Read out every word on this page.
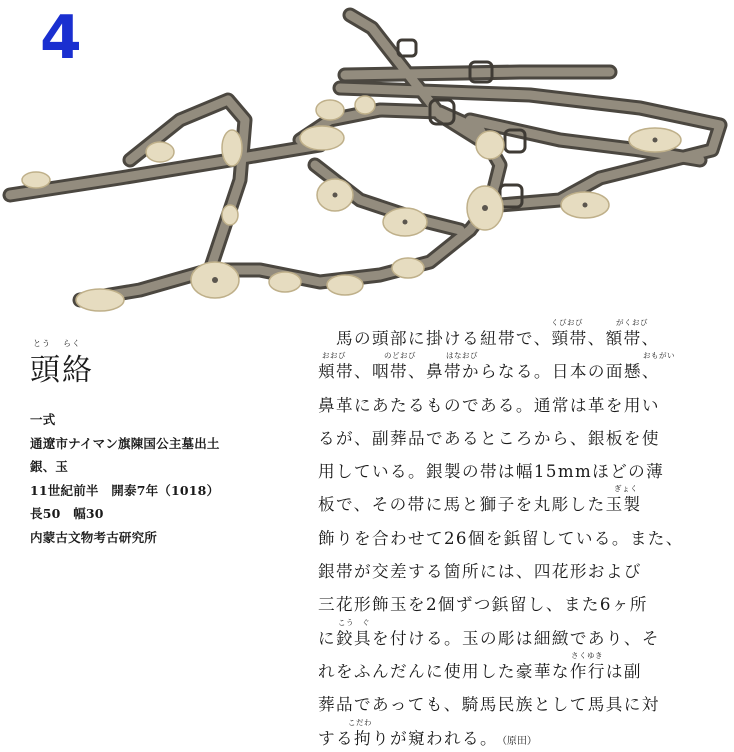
4
とう らく
頭絡
一式
通遼市ナイマン旗陳国公主墓出土
銀、玉
11世紀前半　開泰7年（1018）
長50　幅30
内蒙古文物考古研究所
くびおび	がくおび
馬の頭部に掛ける紐帯で、頸帯、額帯、
おおび	のどおび	はなおび	おもがい
頬帯、咽帯、鼻帯からなる。日本の面懸、
鼻革にあたるものである。通常は革を用い
るが、副葬品であるところから、銀板を使
用している。銀製の帯は幅15mmほどの薄
ぎょく
板で、その帯に馬と獅子を丸彫した玉製
飾りを合わせて26個を鋲留している。また、
銀帯が交差する箇所には、四花形および
三花形飾玉を2個ずつ鋲留し、また6ヶ所
こう　ぐ
に鉸具を付ける。玉の彫は細緻であり、そ
さくゆき
れをふんだんに使用した豪華な作行は副
葬品であっても、騎馬民族として馬具に対
こだわ
する拘りが窺われる。 （原田）
